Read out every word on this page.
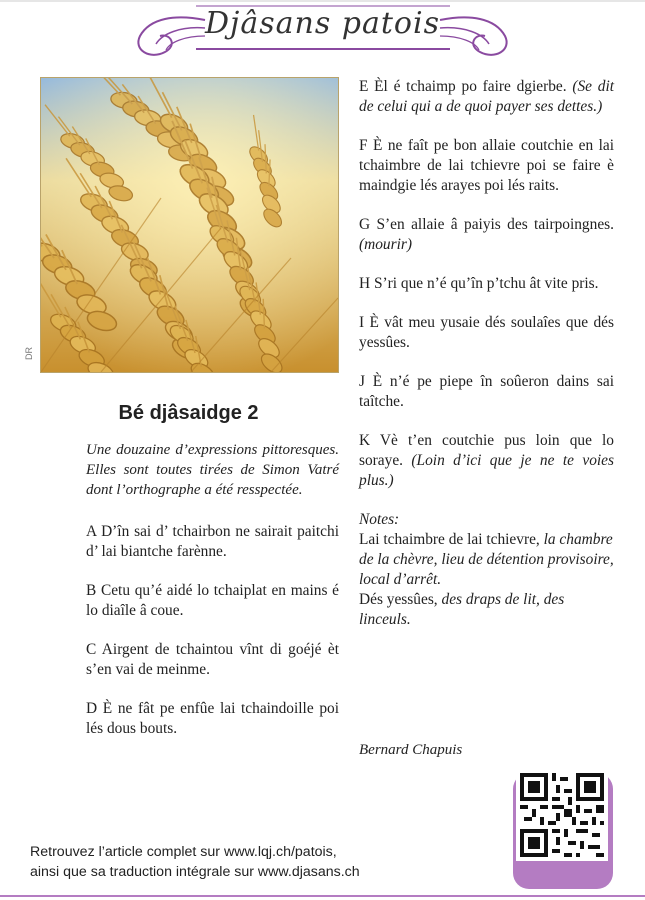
Djâsans patois
DR
Bé djâsaidge 2

Une douzaine d’expressions pittoresques. Elles sont toutes tirées de Simon Vatré dont l’orthographe a été resspectée.

A D’în sai d’ tchairbon ne sairait paitchi d’ lai biantche farènne.

B Cetu qu’é aidé lo tchaiplat en mains é lo diaîle â coue.

C Airgent de tchaintou vînt di goéjé èt s’en vai de meinme.

D È ne fât pe enfûe lai tchaindoille poi lés dous bouts.

E Èl é tchaimp po faire dgierbe. (Se dit de celui qui a de quoi payer ses dettes.)

F È ne faît pe bon allaie coutchie en lai tchaimbre de lai tchievre poi se faire è maindgie lés arayes poi lés raits.

G S’en allaie â paiyis des tairpoingnes. (mourir)

H S’ri que n’é qu’în p’tchu ât vite pris.

I È vât meu yusaie dés soulaîes que dés yessûes.

J È n’é pe piepe în soûeron dains sai taîtche.

K Vè t’en coutchie pus loin que lo soraye. (Loin d’ici que je ne te voies plus.)

Notes:
Lai tchaimbre de lai tchievre, la chambre de la chèvre, lieu de détention provisoire, local d’arrêt.
Dés yessûes, des draps de lit, des linceuls.
Bernard Chapuis
Retrouvez l’article complet sur www.lqj.ch/patois,
ainsi que sa traduction intégrale sur www.djasans.ch
